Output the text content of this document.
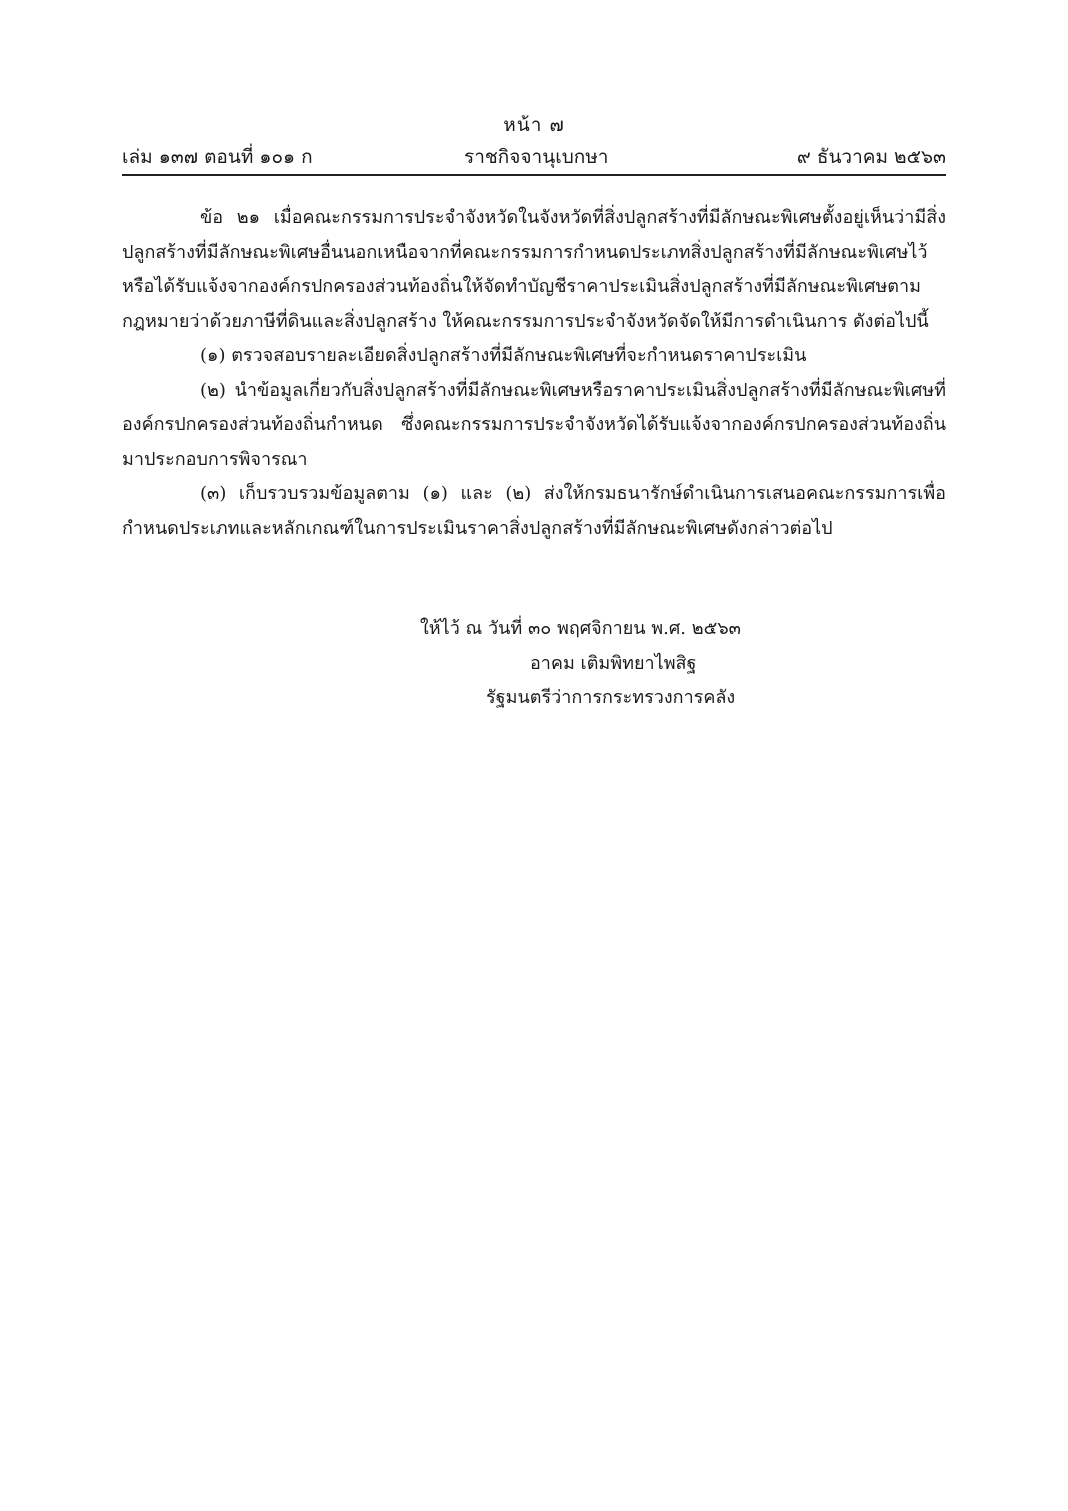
หน้า ๗
เล่ม ๑๓๗ ตอนที่ ๑๐๑ ก	ราชกิจจานุเบกษา	๙ ธันวาคม ๒๕๖๓

ข้อ ๒๑ เมื่อคณะกรรมการประจำจังหวัดในจังหวัดที่สิ่งปลูกสร้างที่มีลักษณะพิเศษตั้งอยู่เห็นว่ามีสิ่งปลูกสร้างที่มีลักษณะพิเศษอื่นนอกเหนือจากที่คณะกรรมการกำหนดประเภทสิ่งปลูกสร้างที่มีลักษณะพิเศษไว้ หรือได้รับแจ้งจากองค์กรปกครองส่วนท้องถิ่นให้จัดทำบัญชีราคาประเมินสิ่งปลูกสร้างที่มีลักษณะพิเศษตามกฎหมายว่าด้วยภาษีที่ดินและสิ่งปลูกสร้าง ให้คณะกรรมการประจำจังหวัดจัดให้มีการดำเนินการ ดังต่อไปนี้

(๑) ตรวจสอบรายละเอียดสิ่งปลูกสร้างที่มีลักษณะพิเศษที่จะกำหนดราคาประเมิน

(๒) นำข้อมูลเกี่ยวกับสิ่งปลูกสร้างที่มีลักษณะพิเศษหรือราคาประเมินสิ่งปลูกสร้างที่มีลักษณะพิเศษที่องค์กรปกครองส่วนท้องถิ่นกำหนด ซึ่งคณะกรรมการประจำจังหวัดได้รับแจ้งจากองค์กรปกครองส่วนท้องถิ่นมาประกอบการพิจารณา

(๓) เก็บรวบรวมข้อมูลตาม (๑) และ (๒) ส่งให้กรมธนารักษ์ดำเนินการเสนอคณะกรรมการเพื่อกำหนดประเภทและหลักเกณฑ์ในการประเมินราคาสิ่งปลูกสร้างที่มีลักษณะพิเศษดังกล่าวต่อไป

ให้ไว้ ณ วันที่ ๓๐ พฤศจิกายน พ.ศ. ๒๕๖๓
อาคม เติมพิทยาไพสิฐ
รัฐมนตรีว่าการกระทรวงการคลัง
